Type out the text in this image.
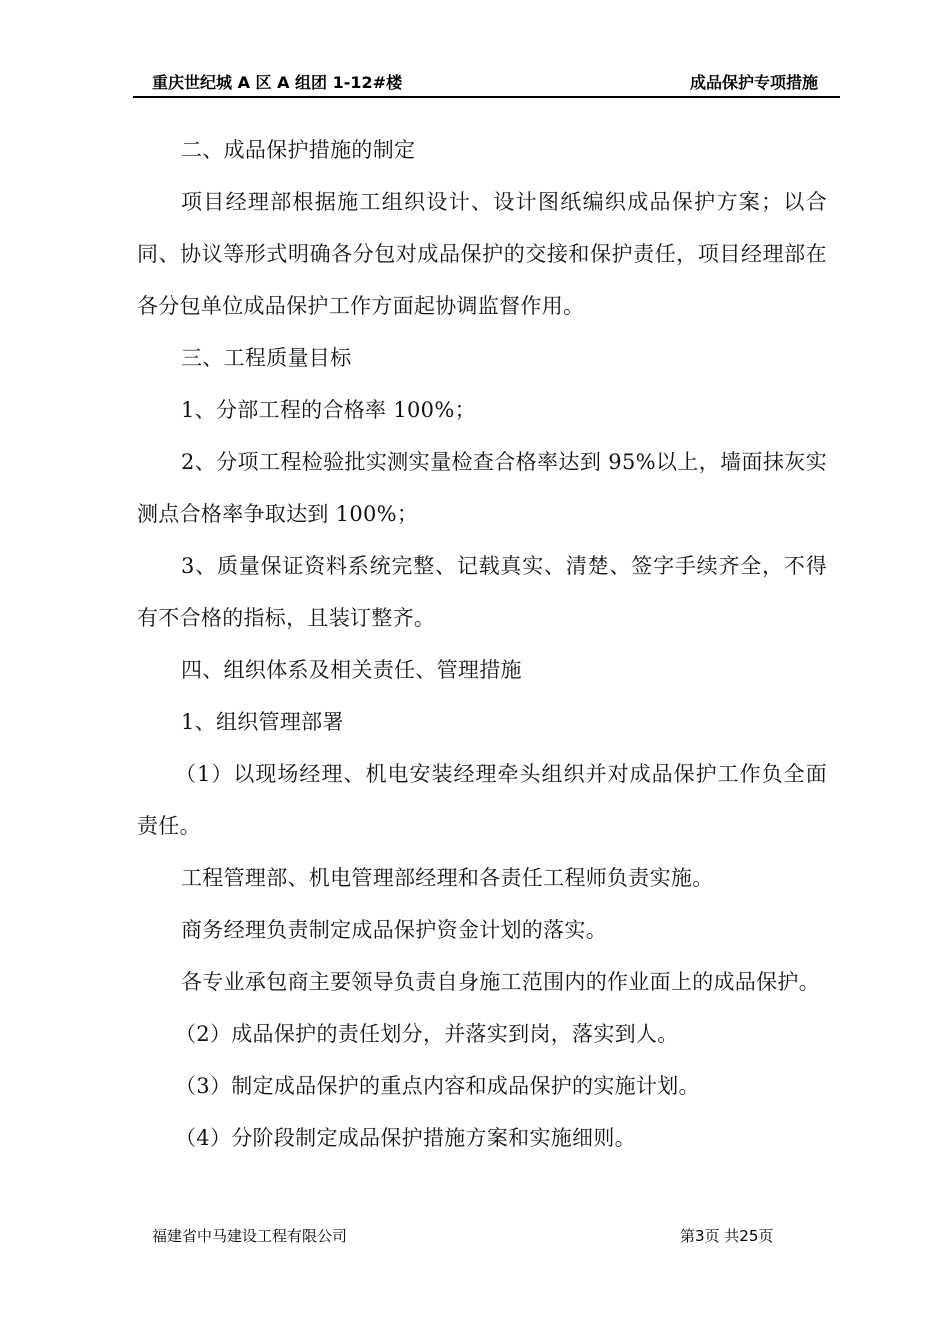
重庆世纪城 A 区 A 组团 1-12#楼	成品保护专项措施

二、成品保护措施的制定

项目经理部根据施工组织设计、设计图纸编织成品保护方案；以合同、协议等形式明确各分包对成品保护的交接和保护责任，项目经理部在各分包单位成品保护工作方面起协调监督作用。

三、工程质量目标

1、分部工程的合格率 100%；

2、分项工程检验批实测实量检查合格率达到 95%以上，墙面抹灰实测点合格率争取达到 100%；

3、质量保证资料系统完整、记载真实、清楚、签字手续齐全，不得有不合格的指标，且装订整齐。

四、组织体系及相关责任、管理措施

1、组织管理部署

（1）以现场经理、机电安装经理牵头组织并对成品保护工作负全面责任。

工程管理部、机电管理部经理和各责任工程师负责实施。

商务经理负责制定成品保护资金计划的落实。

各专业承包商主要领导负责自身施工范围内的作业面上的成品保护。

（2）成品保护的责任划分，并落实到岗，落实到人。

（3）制定成品保护的重点内容和成品保护的实施计划。

（4）分阶段制定成品保护措施方案和实施细则。

福建省中马建设工程有限公司	第3页 共25页
